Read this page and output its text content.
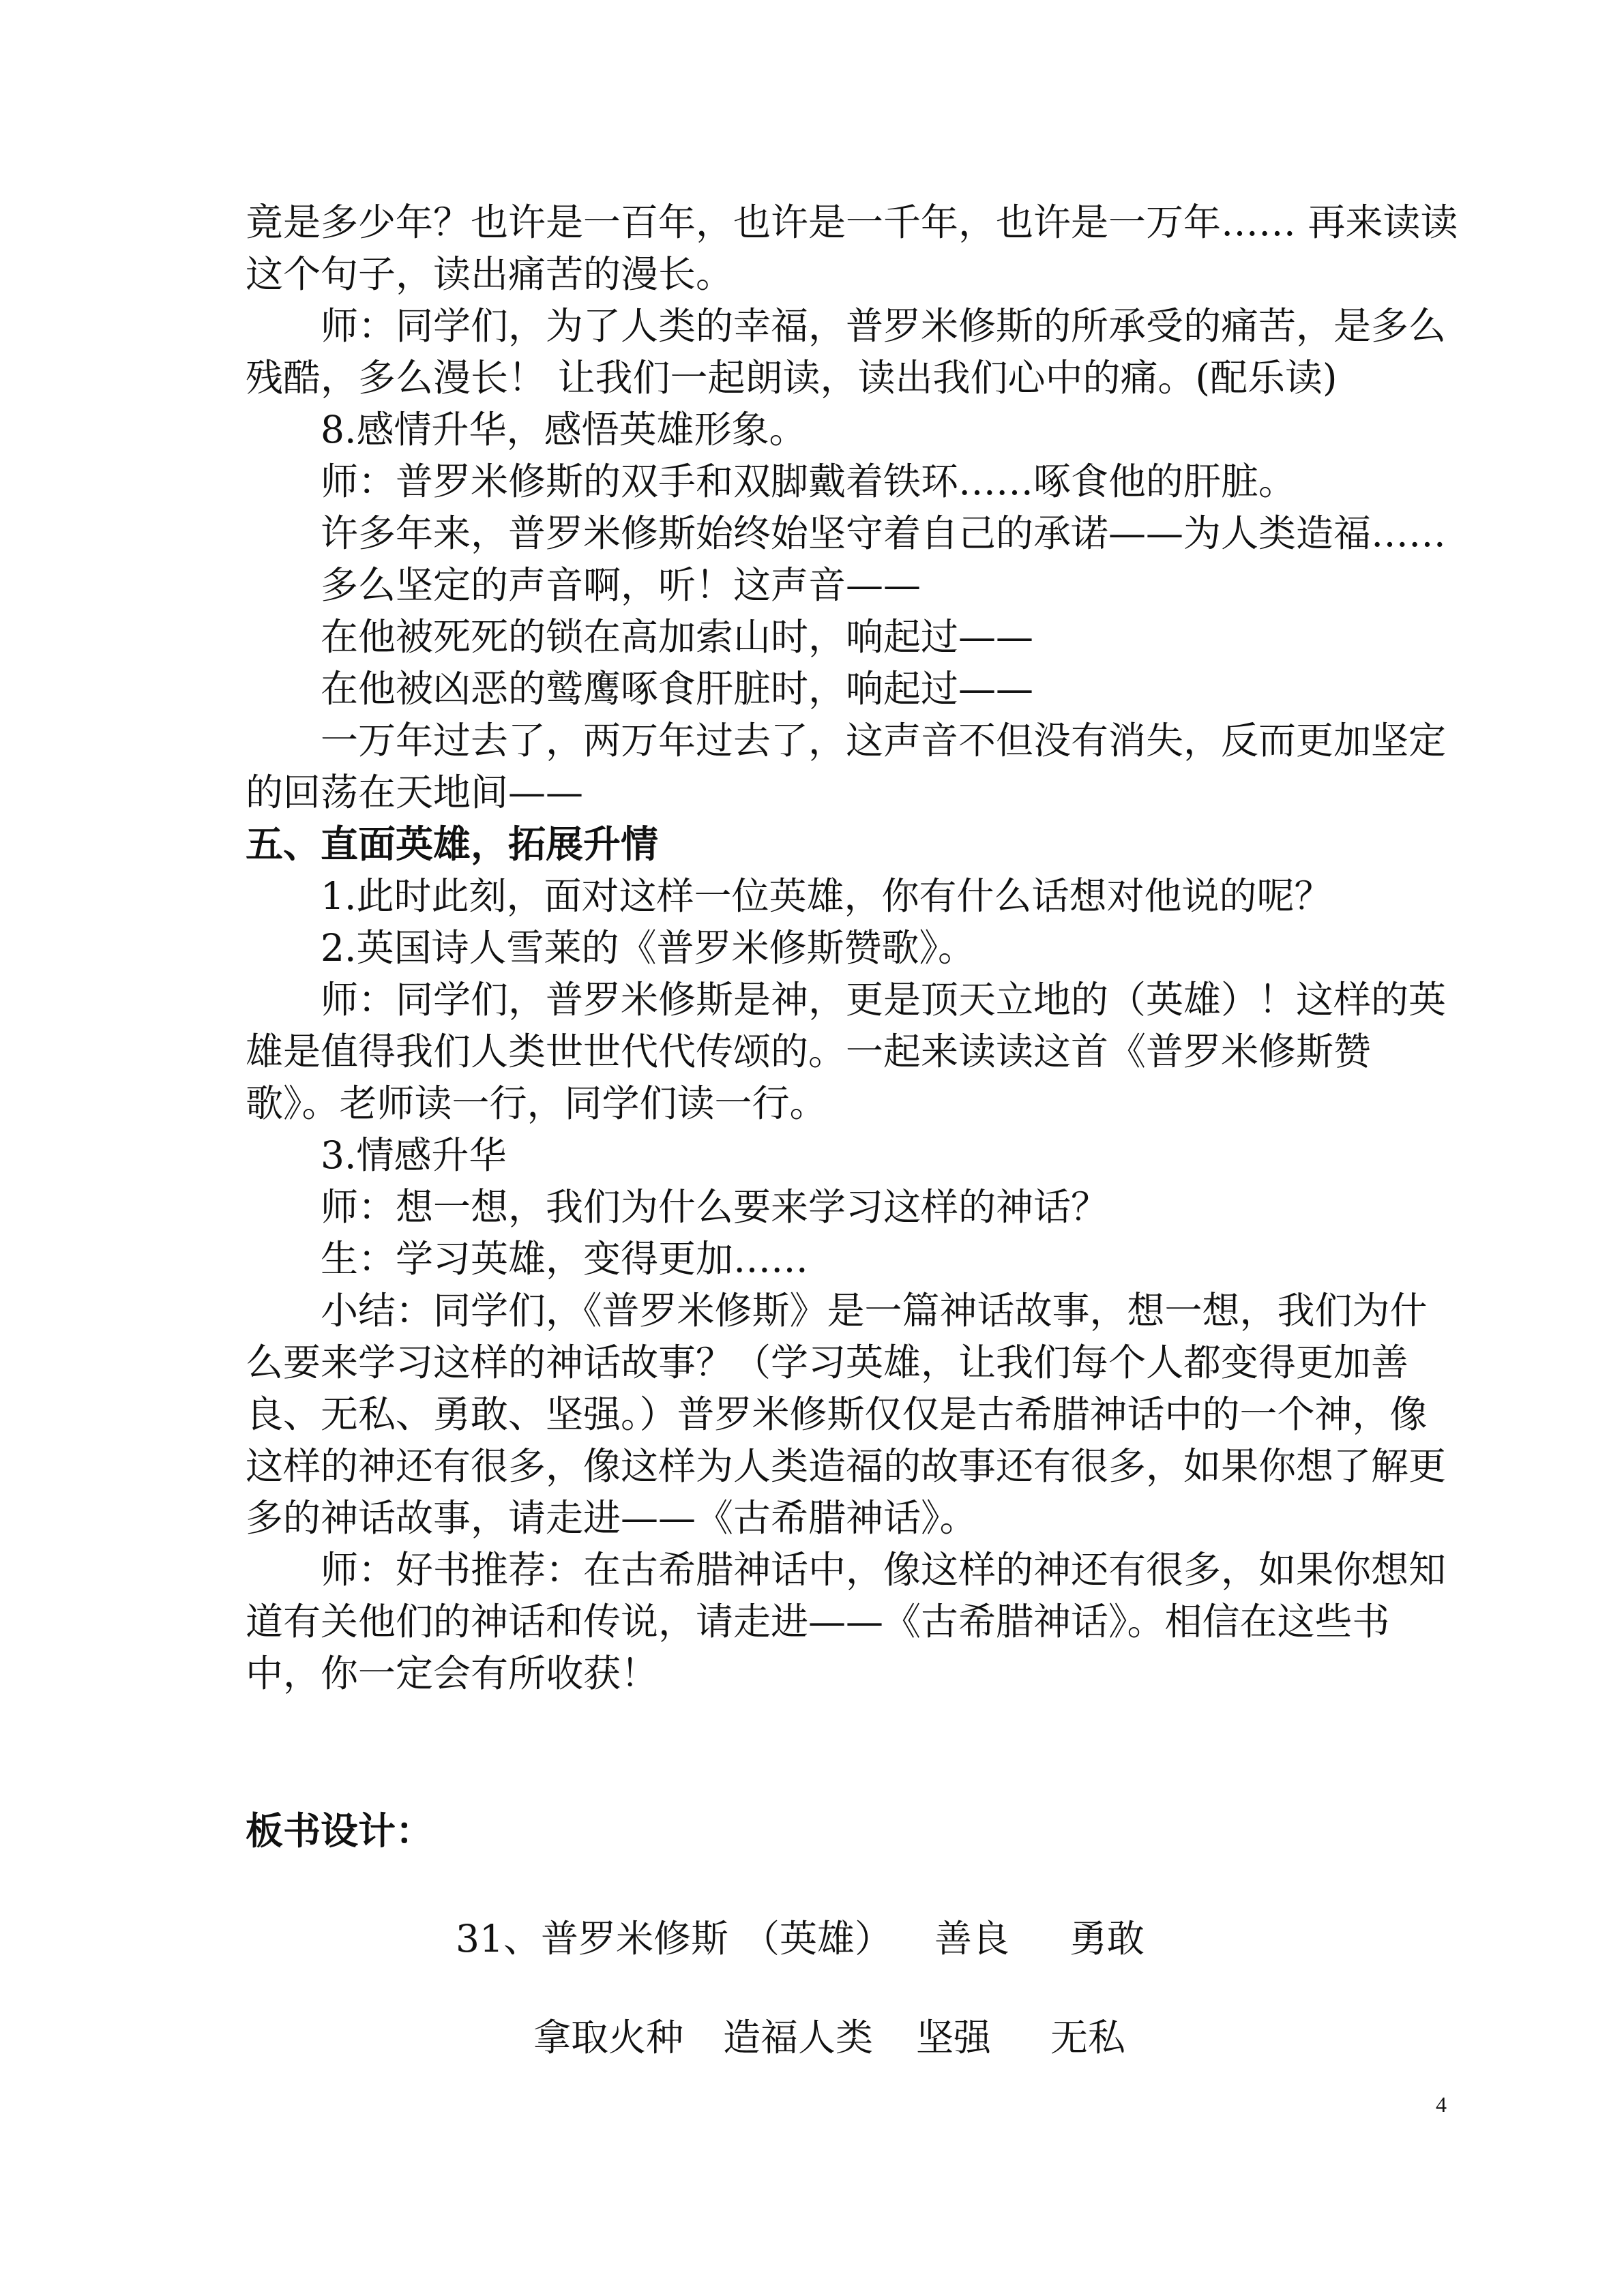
竟是多少年？也许是一百年，也许是一千年，也许是一万年…… 再来读读这个句子，读出痛苦的漫长。

师：同学们，为了人类的幸福，普罗米修斯的所承受的痛苦，是多么残酷，多么漫长！ 让我们一起朗读，读出我们心中的痛。(配乐读)

8.感情升华，感悟英雄形象。

师：普罗米修斯的双手和双脚戴着铁环……啄食他的肝脏。

许多年来，普罗米修斯始终始坚守着自己的承诺——为人类造福……

多么坚定的声音啊，听！这声音——

在他被死死的锁在高加索山时，响起过——

在他被凶恶的鹫鹰啄食肝脏时，响起过——

一万年过去了，两万年过去了，这声音不但没有消失，反而更加坚定的回荡在天地间——

五、直面英雄，拓展升情

1.此时此刻，面对这样一位英雄，你有什么话想对他说的呢？

2.英国诗人雪莱的《普罗米修斯赞歌》。

师：同学们，普罗米修斯是神，更是顶天立地的（英雄）！这样的英雄是值得我们人类世世代代传颂的。一起来读读这首《普罗米修斯赞歌》。老师读一行，同学们读一行。

3.情感升华

师：想一想，我们为什么要来学习这样的神话？

生：学习英雄，变得更加……

小结：同学们，《普罗米修斯》是一篇神话故事，想一想，我们为什么要来学习这样的神话故事？（学习英雄，让我们每个人都变得更加善良、无私、勇敢、坚强。）普罗米修斯仅仅是古希腊神话中的一个神，像这样的神还有很多，像这样为人类造福的故事还有很多，如果你想了解更多的神话故事，请走进——《古希腊神话》。

师：好书推荐：在古希腊神话中，像这样的神还有很多，如果你想知道有关他们的神话和传说，请走进——《古希腊神话》。相信在这些书中，你一定会有所收获！

板书设计：

31、普罗米修斯 （英雄） 善良 勇敢
拿取火种 造福人类 坚强 无私
4
